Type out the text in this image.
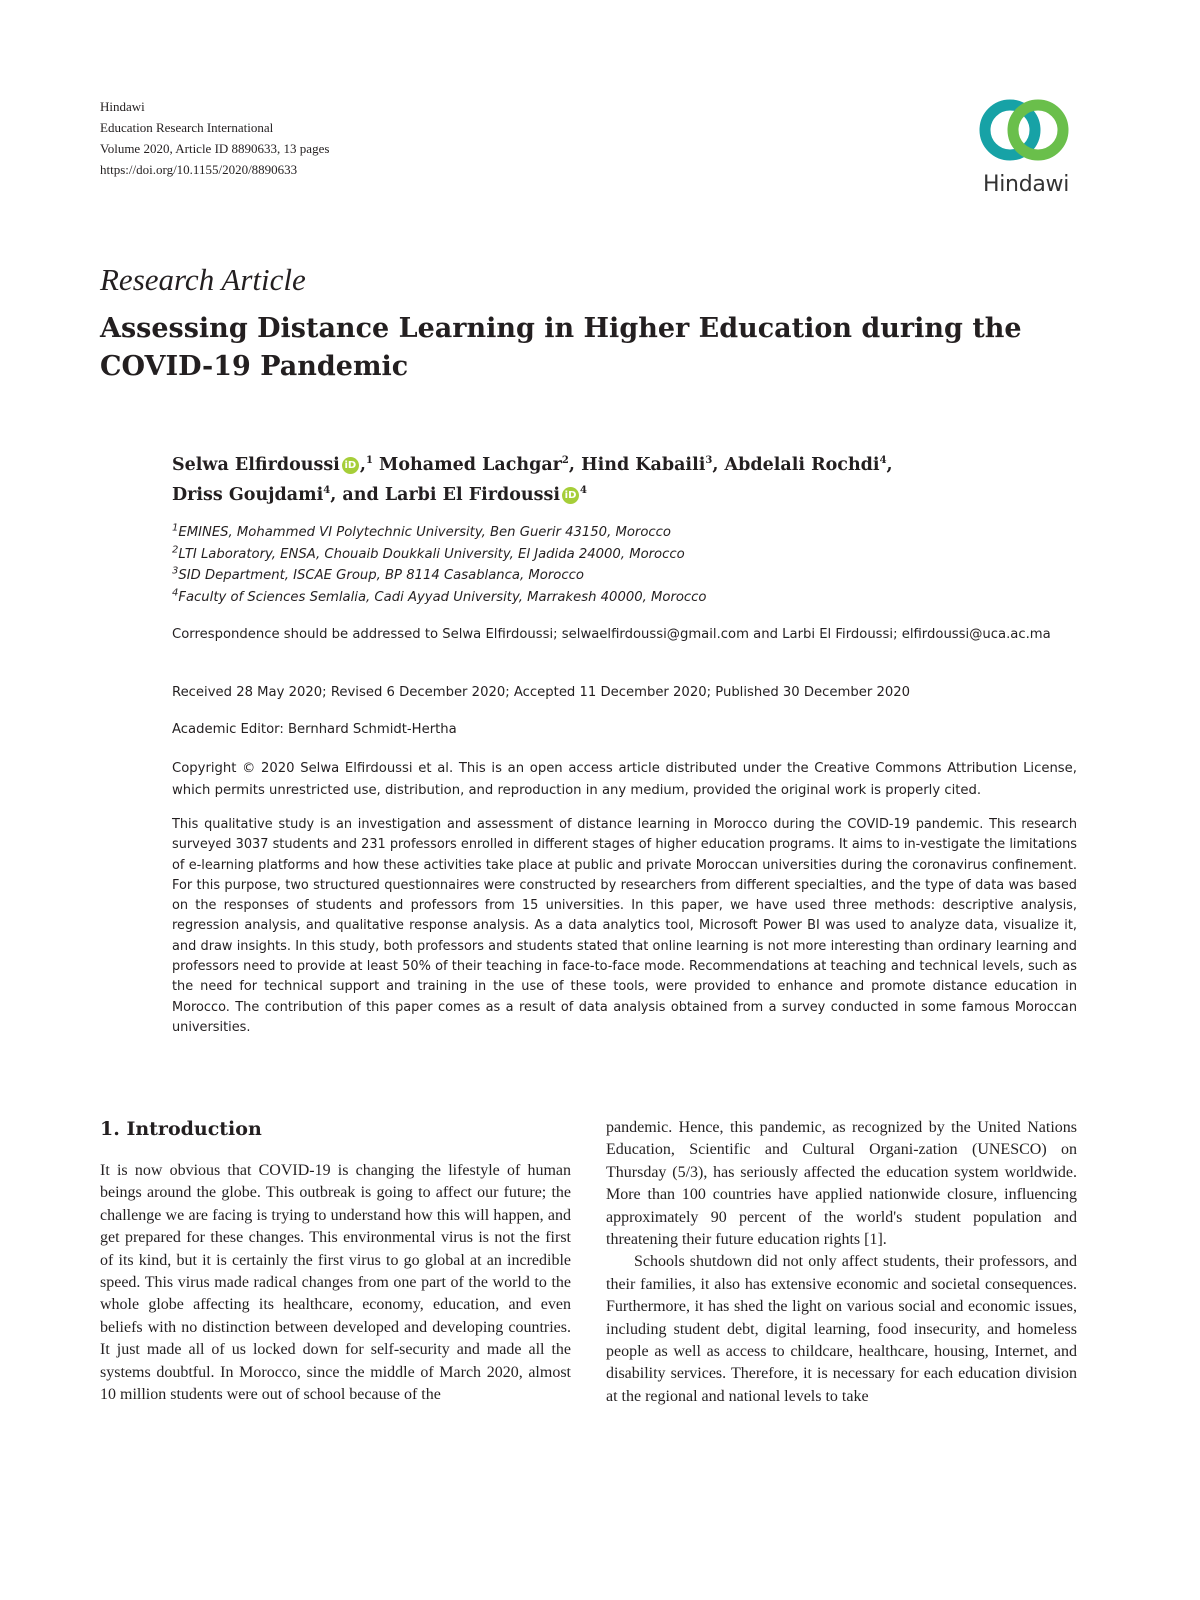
Hindawi
Education Research International
Volume 2020, Article ID 8890633, 13 pages
https://doi.org/10.1155/2020/8890633
Hindawi
Research Article
Assessing Distance Learning in Higher Education during the COVID-19 Pandemic
Selwa Elfirdoussi iD ,$^1$ Mohamed Lachgar$^2$, Hind Kabaili$^3$, Abdelali Rochdi$^4$,
Driss Goujdami$^4$, and Larbi El Firdoussi iD $^4$
$^1$EMINES, Mohammed VI Polytechnic University, Ben Guerir 43150, Morocco
$^2$LTI Laboratory, ENSA, Chouaib Doukkali University, El Jadida 24000, Morocco
$^3$SID Department, ISCAE Group, BP 8114 Casablanca, Morocco
$^4$Faculty of Sciences Semlalia, Cadi Ayyad University, Marrakesh 40000, Morocco
Correspondence should be addressed to Selwa Elfirdoussi; selwaelfirdoussi@gmail.com and Larbi El Firdoussi; elfirdoussi@uca.ac.ma
Received 28 May 2020; Revised 6 December 2020; Accepted 11 December 2020; Published 30 December 2020
Academic Editor: Bernhard Schmidt-Hertha
Copyright © 2020 Selwa Elfirdoussi et al. This is an open access article distributed under the Creative Commons Attribution License, which permits unrestricted use, distribution, and reproduction in any medium, provided the original work is properly cited.
This qualitative study is an investigation and assessment of distance learning in Morocco during the COVID-19 pandemic. This research surveyed 3037 students and 231 professors enrolled in different stages of higher education programs. It aims to in-vestigate the limitations of e-learning platforms and how these activities take place at public and private Moroccan universities during the coronavirus confinement. For this purpose, two structured questionnaires were constructed by researchers from different specialties, and the type of data was based on the responses of students and professors from 15 universities. In this paper, we have used three methods: descriptive analysis, regression analysis, and qualitative response analysis. As a data analytics tool, Microsoft Power BI was used to analyze data, visualize it, and draw insights. In this study, both professors and students stated that online learning is not more interesting than ordinary learning and professors need to provide at least 50% of their teaching in face-to-face mode. Recommendations at teaching and technical levels, such as the need for technical support and training in the use of these tools, were provided to enhance and promote distance education in Morocco. The contribution of this paper comes as a result of data analysis obtained from a survey conducted in some famous Moroccan universities.
1. Introduction

It is now obvious that COVID-19 is changing the lifestyle of human beings around the globe. This outbreak is going to affect our future; the challenge we are facing is trying to understand how this will happen, and get prepared for these changes. This environmental virus is not the first of its kind, but it is certainly the first virus to go global at an incredible speed. This virus made radical changes from one part of the world to the whole globe affecting its healthcare, economy, education, and even beliefs with no distinction between developed and developing countries. It just made all of us locked down for self-security and made all the systems doubtful. In Morocco, since the middle of March 2020, almost 10 million students were out of school because of the

pandemic. Hence, this pandemic, as recognized by the United Nations Education, Scientific and Cultural Organi-zation (UNESCO) on Thursday (5/3), has seriously affected the education system worldwide. More than 100 countries have applied nationwide closure, influencing approximately 90 percent of the world's student population and threatening their future education rights [1].

Schools shutdown did not only affect students, their professors, and their families, it also has extensive economic and societal consequences. Furthermore, it has shed the light on various social and economic issues, including student debt, digital learning, food insecurity, and homeless people as well as access to childcare, healthcare, housing, Internet, and disability services. Therefore, it is necessary for each education division at the regional and national levels to take
